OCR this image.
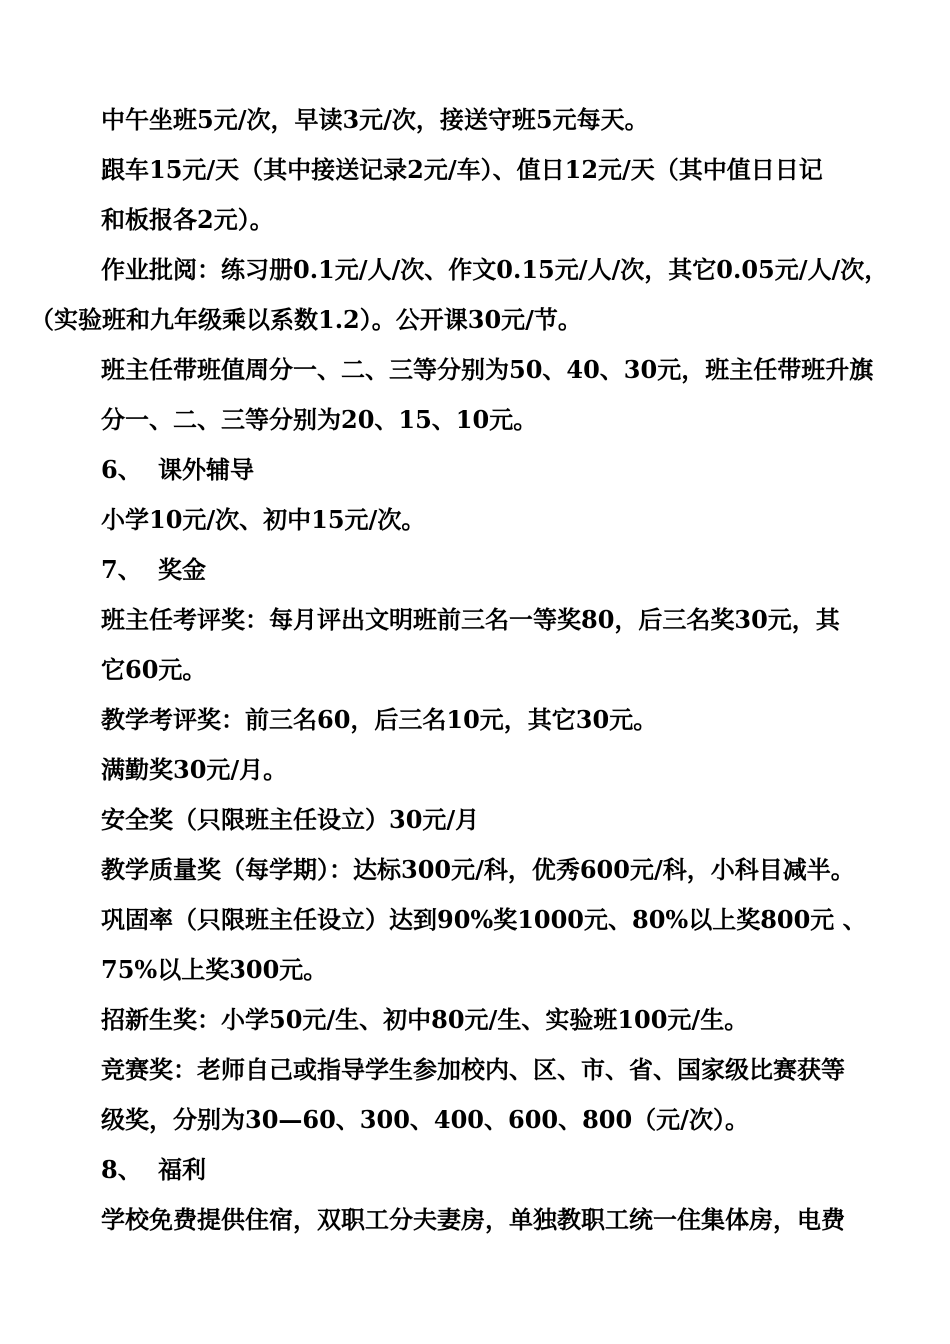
中午坐班5元/次，早读3元/次，接送守班5元每天。
跟车15元/天（其中接送记录2元/车）、值日12元/天（其中值日日记
和板报各2元）。
作业批阅：练习册0.1元/人/次、作文0.15元/人/次，其它0.05元/人/次，
（实验班和九年级乘以系数1.2）。公开课30元/节。
班主任带班值周分一、二、三等分别为50、40、30元，班主任带班升旗
分一、二、三等分别为20、15、10元。
6、 课外辅导
小学10元/次、初中15元/次。
7、 奖金
班主任考评奖：每月评出文明班前三名一等奖80，后三名奖30元，其
它60元。
教学考评奖：前三名60，后三名10元，其它30元。
满勤奖30元/月。
安全奖（只限班主任设立）30元/月
教学质量奖（每学期）：达标300元/科，优秀600元/科，小科目减半。
巩固率（只限班主任设立）达到90%奖1000元、80%以上奖800元 、
75%以上奖300元。
招新生奖：小学50元/生、初中80元/生、实验班100元/生。
竞赛奖：老师自己或指导学生参加校内、区、市、省、国家级比赛获等
级奖，分别为30—60、300、400、600、800（元/次）。
8、 福利
学校免费提供住宿，双职工分夫妻房，单独教职工统一住集体房，电费
